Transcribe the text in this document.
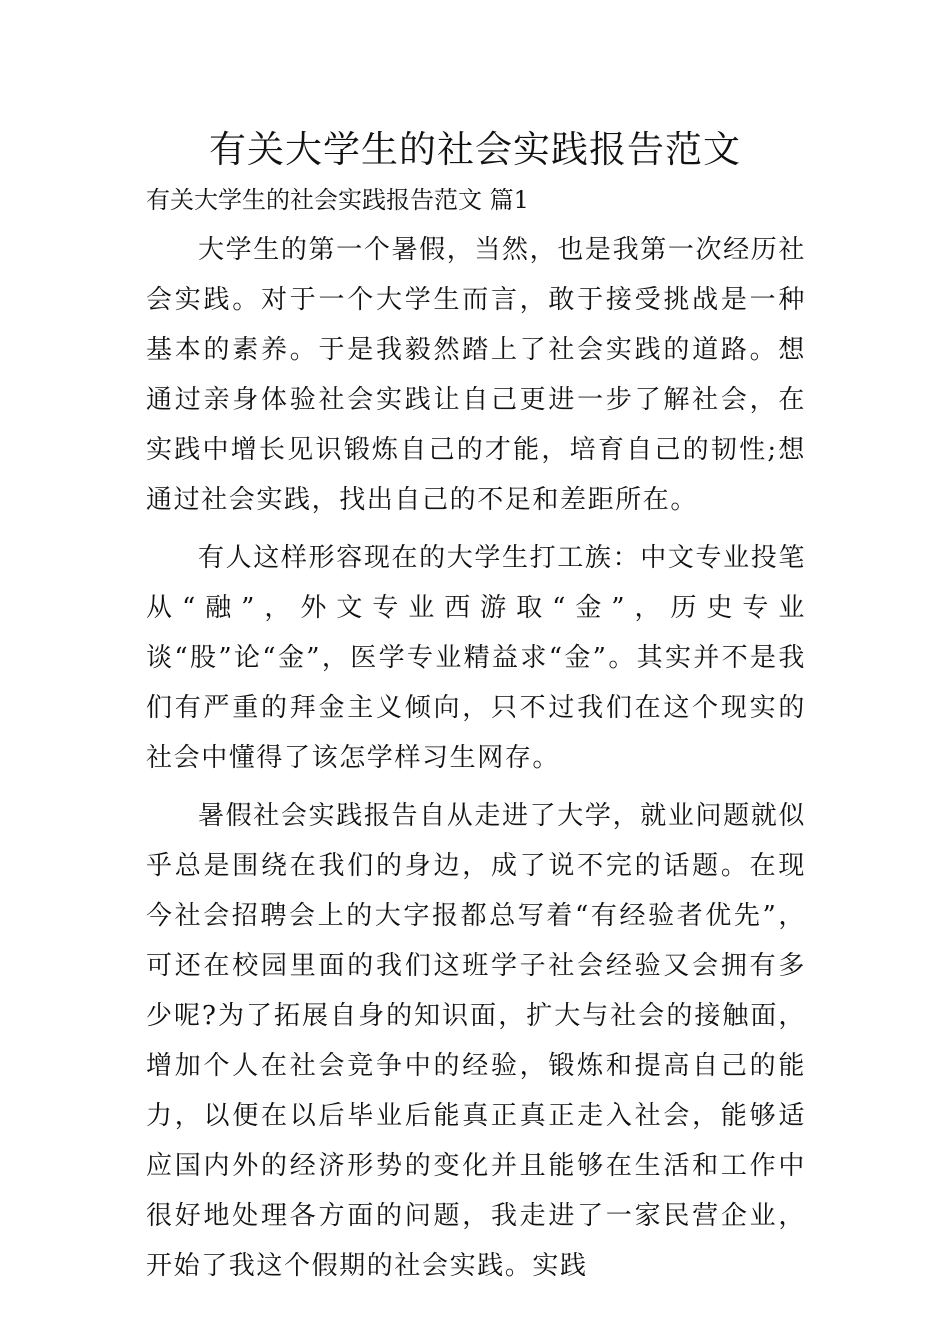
有关大学生的社会实践报告范文

有关大学生的社会实践报告范文 篇1

大学生的第一个暑假，当然，也是我第一次经历社会实践。对于一个大学生而言，敢于接受挑战是一种基本的素养。于是我毅然踏上了社会实践的道路。想通过亲身体验社会实践让自己更进一步了解社会，在实践中增长见识锻炼自己的才能，培育自己的韧性;想通过社会实践，找出自己的不足和差距所在。

有人这样形容现在的大学生打工族：中文专业投笔从“融”，外文专业西游取“金”，历史专业谈“股”论“金”，医学专业精益求“金”。其实并不是我们有严重的拜金主义倾向，只不过我们在这个现实的社会中懂得了该怎学样习生网存。

暑假社会实践报告自从走进了大学，就业问题就似乎总是围绕在我们的身边，成了说不完的话题。在现今社会招聘会上的大字报都总写着“有经验者优先”，可还在校园里面的我们这班学子社会经验又会拥有多少呢?为了拓展自身的知识面，扩大与社会的接触面，增加个人在社会竞争中的经验，锻炼和提高自己的能力，以便在以后毕业后能真正真正走入社会，能够适应国内外的经济形势的变化并且能够在生活和工作中很好地处理各方面的问题，我走进了一家民营企业，开始了我这个假期的社会实践。实践
